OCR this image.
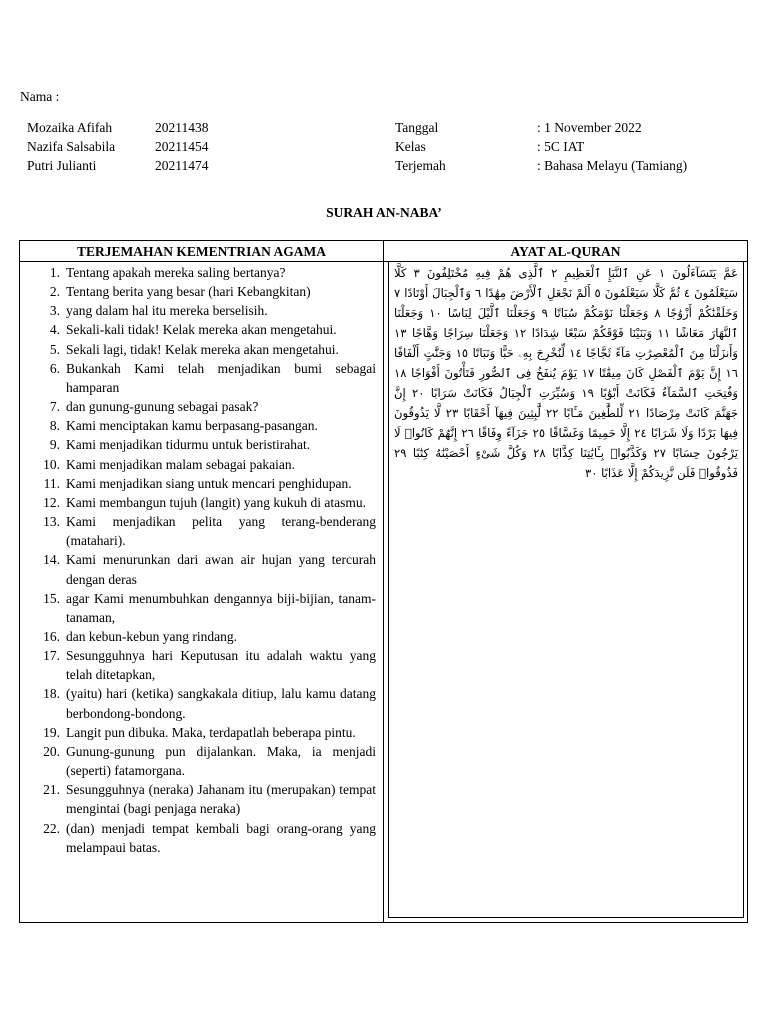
Nama :
Mozaika Afifah	20211438
Nazifa Salsabila	20211454
Putri Julianti	20211474
Tanggal	: 1 November 2022
Kelas	: 5C IAT
Terjemah	: Bahasa Melayu (Tamiang)
SURAH AN-NABA’
TERJEMAHAN KEMENTRIAN AGAMA	AYAT AL-QURAN
1. Tentang apakah mereka saling bertanya?
2. Tentang berita yang besar (hari Kebangkitan)
3. yang dalam hal itu mereka berselisih.
4. Sekali-kali tidak! Kelak mereka akan mengetahui.
5. Sekali lagi, tidak! Kelak mereka akan mengetahui.
6. Bukankah Kami telah menjadikan bumi sebagai hamparan
7. dan gunung-gunung sebagai pasak?
8. Kami menciptakan kamu berpasang-pasangan.
9. Kami menjadikan tidurmu untuk beristirahat.
10. Kami menjadikan malam sebagai pakaian.
11. Kami menjadikan siang untuk mencari penghidupan.
12. Kami membangun tujuh (langit) yang kukuh di atasmu.
13. Kami menjadikan pelita yang terang-benderang (matahari).
14. Kami menurunkan dari awan air hujan yang tercurah dengan deras
15. agar Kami menumbuhkan dengannya biji-bijian, tanam-tanaman,
16. dan kebun-kebun yang rindang.
17. Sesungguhnya hari Keputusan itu adalah waktu yang telah ditetapkan,
18. (yaitu) hari (ketika) sangkakala ditiup, lalu kamu datang berbondong-bondong.
19. Langit pun dibuka. Maka, terdapatlah beberapa pintu.
20. Gunung-gunung pun dijalankan. Maka, ia menjadi (seperti) fatamorgana.
21. Sesungguhnya (neraka) Jahanam itu (merupakan) tempat mengintai (bagi penjaga neraka)
22. (dan) menjadi tempat kembali bagi orang-orang yang melampaui batas.
عَمَّ يَتَسَآءَلُونَ ١ عَنِ ٱلنَّبَإِ ٱلْعَظِيمِ ٢ ٱلَّذِى هُمْ فِيهِ مُخْتَلِفُونَ ٣ كَلَّا سَيَعْلَمُونَ ٤ ثُمَّ كَلَّا سَيَعْلَمُونَ ٥ أَلَمْ نَجْعَلِ ٱلْأَرْضَ مِهَٰدًا ٦ وَٱلْجِبَالَ أَوْتَادًا ٧ وَخَلَقْنَٰكُمْ أَزْوَٰجًا ٨ وَجَعَلْنَا نَوْمَكُمْ سُبَاتًا ٩ وَجَعَلْنَا ٱلَّيْلَ لِبَاسًا ١٠ وَجَعَلْنَا ٱلنَّهَارَ مَعَاشًا ١١ وَبَنَيْنَا فَوْقَكُمْ سَبْعًا شِدَادًا ١٢ وَجَعَلْنَا سِرَاجًا وَهَّاجًا ١٣ وَأَنزَلْنَا مِنَ ٱلْمُعْصِرَٰتِ مَآءً ثَجَّاجًا ١٤ لِّنُخْرِجَ بِهِۦ حَبًّا وَنَبَاتًا ١٥ وَجَنَّٰتٍ أَلْفَافًا ١٦ إِنَّ يَوْمَ ٱلْفَصْلِ كَانَ مِيقَٰتًا ١٧ يَوْمَ يُنفَخُ فِى ٱلصُّورِ فَتَأْتُونَ أَفْوَاجًا ١٨ وَفُتِحَتِ ٱلسَّمَآءُ فَكَانَتْ أَبْوَٰبًا ١٩ وَسُيِّرَتِ ٱلْجِبَالُ فَكَانَتْ سَرَابًا ٢٠ إِنَّ جَهَنَّمَ كَانَتْ مِرْصَادًا ٢١ لِّلطَّٰغِينَ مَـَٔابًا ٢٢ لَّٰبِثِينَ فِيهَآ أَحْقَابًا ٢٣ لَّا يَذُوقُونَ فِيهَا بَرْدًا وَلَا شَرَابًا ٢٤ إِلَّا حَمِيمًا وَغَسَّاقًا ٢٥ جَزَآءً وِفَاقًا ٢٦ إِنَّهُمْ كَانُوا۟ لَا يَرْجُونَ حِسَابًا ٢٧ وَكَذَّبُوا۟ بِـَٔايَٰتِنَا كِذَّابًا ٢٨ وَكُلَّ شَىْءٍ أَحْصَيْنَٰهُ كِتَٰبًا ٢٩ فَذُوقُوا۟ فَلَن نَّزِيدَكُمْ إِلَّا عَذَابًا ٣٠
